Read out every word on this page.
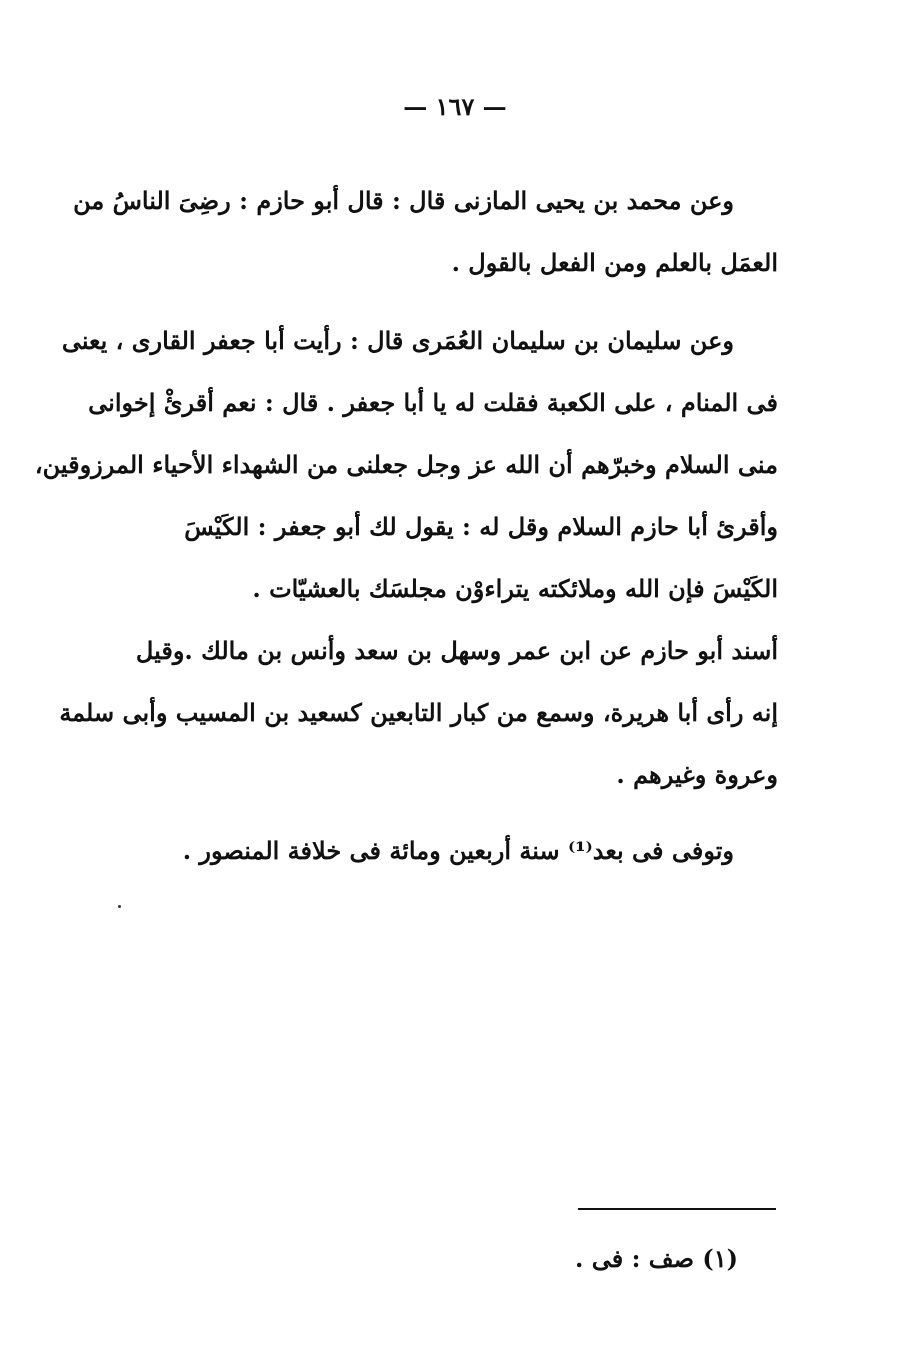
— ١٦٧ —
وعن محمد بن يحيى المازنى قال : قال أبو حازم : رضِىَ الناسُ من
العمَل بالعلم ومن الفعل بالقول .
وعن سليمان بن سليمان العُمَرى قال : رأيت أبا جعفر القارى ، يعنى
فى المنام ، على الكعبة فقلت له يا أبا جعفر . قال : نعم أقرئْ إخوانى
منى السلام وخبرّهم أن الله عز وجل جعلنى من الشهداء الأحياء المرزوقين،
وأقرئ أبا حازم السلام وقل له : يقول لك أبو جعفر : الكَيْسَ
الكَيْسَ فإن الله وملائكته يتراءوْن مجلسَك بالعشيّات .
أسند أبو حازم عن ابن عمر وسهل بن سعد وأنس بن مالك .وقيل
إنه رأى أبا هريرة، وسمع من كبار التابعين كسعيد بن المسيب وأبى سلمة
وعروة وغيرهم .
وتوفى فى بعد⁽¹⁾ سنة أربعين ومائة فى خلافة المنصور .
(١) صف : فى .
